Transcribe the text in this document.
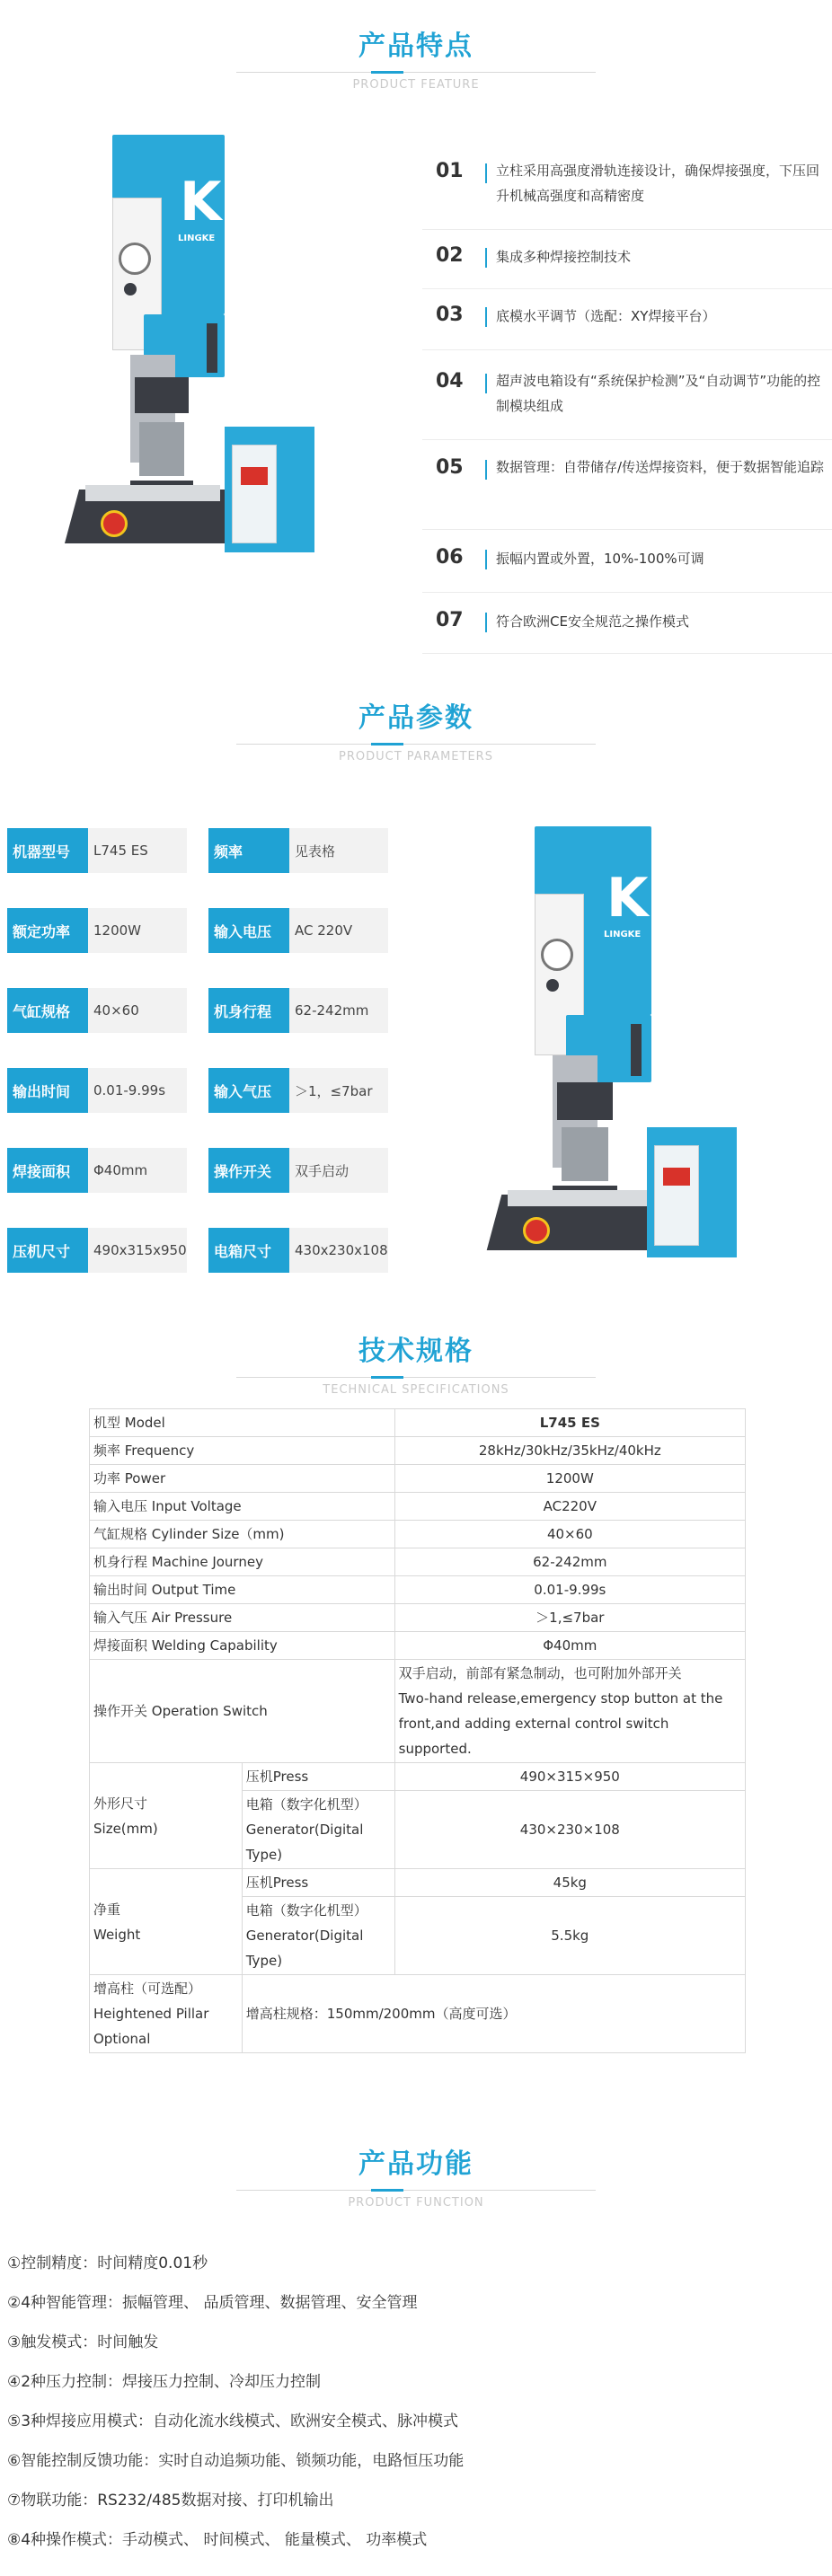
产品特点
PRODUCT FEATURE
K
LINGKE
01	立柱采用高强度滑轨连接设计，确保焊接强度，下压回升机械高强度和高精密度
02	集成多种焊接控制技术
03	底模水平调节（选配：XY焊接平台）
04	超声波电箱设有“系统保护检测”及“自动调节”功能的控制模块组成
05	数据管理：自带储存/传送焊接资料，便于数据智能追踪
06	振幅内置或外置，10%-100%可调
07	符合欧洲CE安全规范之操作模式
产品参数
PRODUCT PARAMETERS
机器型号	L745 ES	频率	见表格
额定功率	1200W	输入电压	AC 220V
气缸规格	40×60	机身行程	62-242mm
输出时间	0.01-9.99s	输入气压	＞1，≤7bar
焊接面积	Φ40mm	操作开关	双手启动
压机尺寸	490x315x950	电箱尺寸	430x230x108
K
LINGKE
技术规格
TECHNICAL SPECIFICATIONS
机型 Model		L745 ES
频率 Frequency		28kHz/30kHz/35kHz/40kHz
功率 Power		1200W
输入电压 Input Voltage		AC220V
气缸规格 Cylinder Size（mm)		40×60
机身行程 Machine Journey		62-242mm
输出时间 Output Time		0.01-9.99s
输入气压 Air Pressure		＞1,≤7bar
焊接面积 Welding Capability		Φ40mm
操作开关 Operation Switch		双手启动，前部有紧急制动，也可附加外部开关
Two-hand release,emergency stop button at the front,and adding external control switch supported.

外形尺寸
Size(mm)	压机Press	490×315×950
	电箱（数字化机型）Generator(Digital Type)	430×230×108

净重
Weight	压机Press	45kg
	电箱（数字化机型）Generator(Digital Type)	5.5kg
增高柱（可选配）Heightened Pillar Optional	增高柱规格：150mm/200mm（高度可选）	
产品功能
PRODUCT FUNCTION
①控制精度：时间精度0.01秒
②4种智能管理：振幅管理、 品质管理、数据管理、安全管理
③触发模式：时间触发
④2种压力控制：焊接压力控制、冷却压力控制
⑤3种焊接应用模式：自动化流水线模式、欧洲安全模式、脉冲模式
⑥智能控制反馈功能：实时自动追频功能、锁频功能，电路恒压功能
⑦物联功能：RS232/485数据对接、打印机输出
⑧4种操作模式：手动模式、 时间模式、 能量模式、 功率模式
